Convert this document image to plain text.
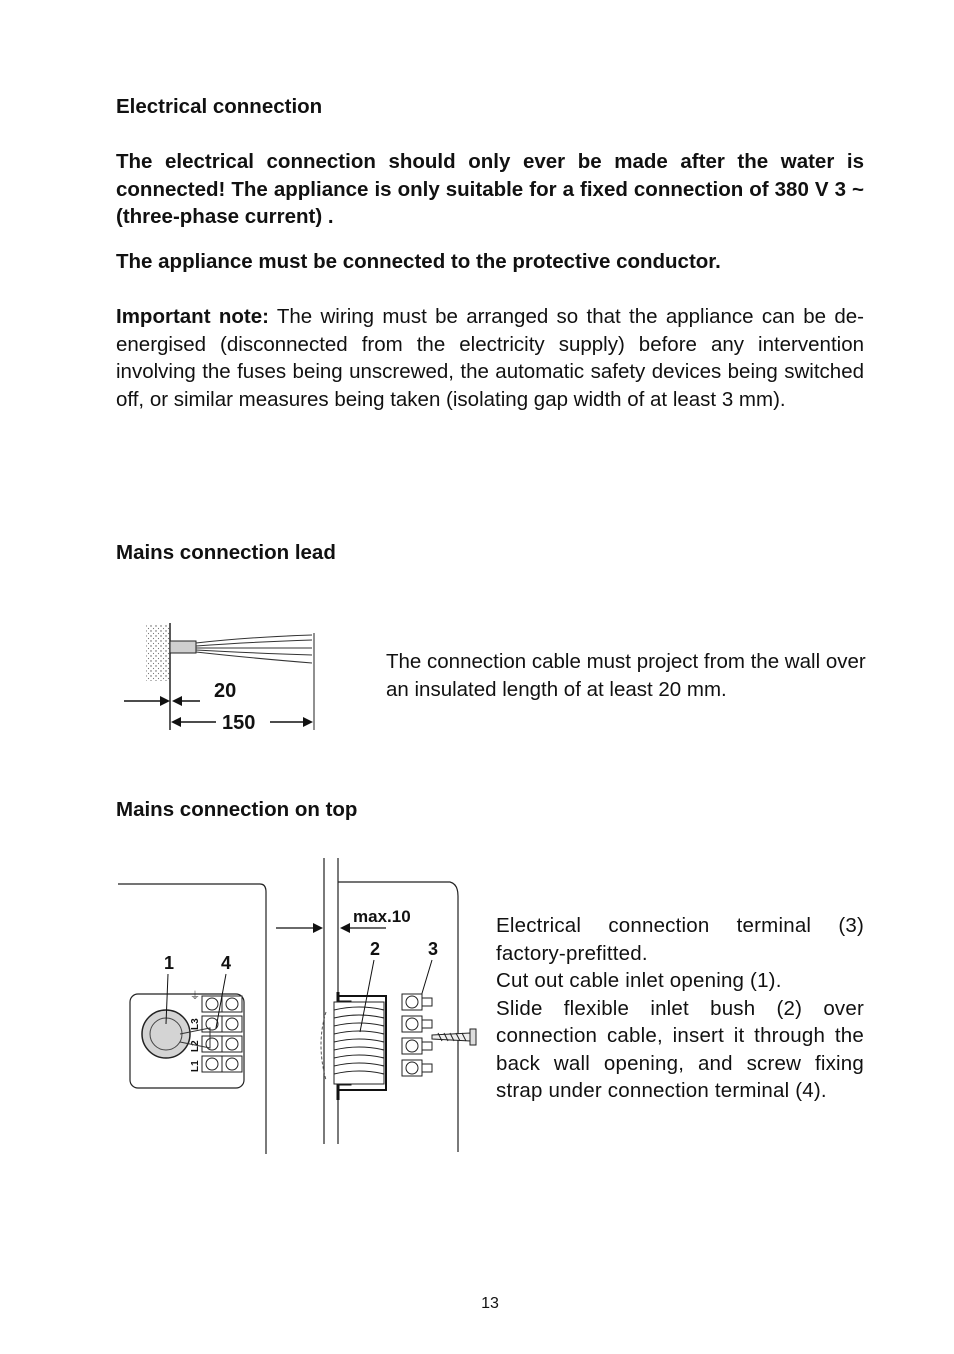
Electrical connection
The electrical connection should only ever be made after the water is connected! The appliance is only suitable for a fixed connection of 380 V 3 ~ (three-phase current) .
The appliance must be connected to the protective conductor.
Important note: The wiring must be arranged so that the appliance can be de-energised (disconnected from the electricity supply) before any intervention involving the fuses being unscrewed, the automatic safety devices being switched off, or similar measures being taken (isolating gap width of at least 3 mm).
Mains connection lead
20
150
The connection cable must project from the wall over an insulated length of at least 20 mm.
Mains connection on top
⏚
L3
L2
L1
1	4
max.10
2	3
Electrical connection terminal (3) factory-prefitted.
Cut out cable inlet opening (1).
Slide flexible inlet bush (2) over connection cable, insert it through the back wall opening, and screw fixing strap under connection terminal (4).
13
